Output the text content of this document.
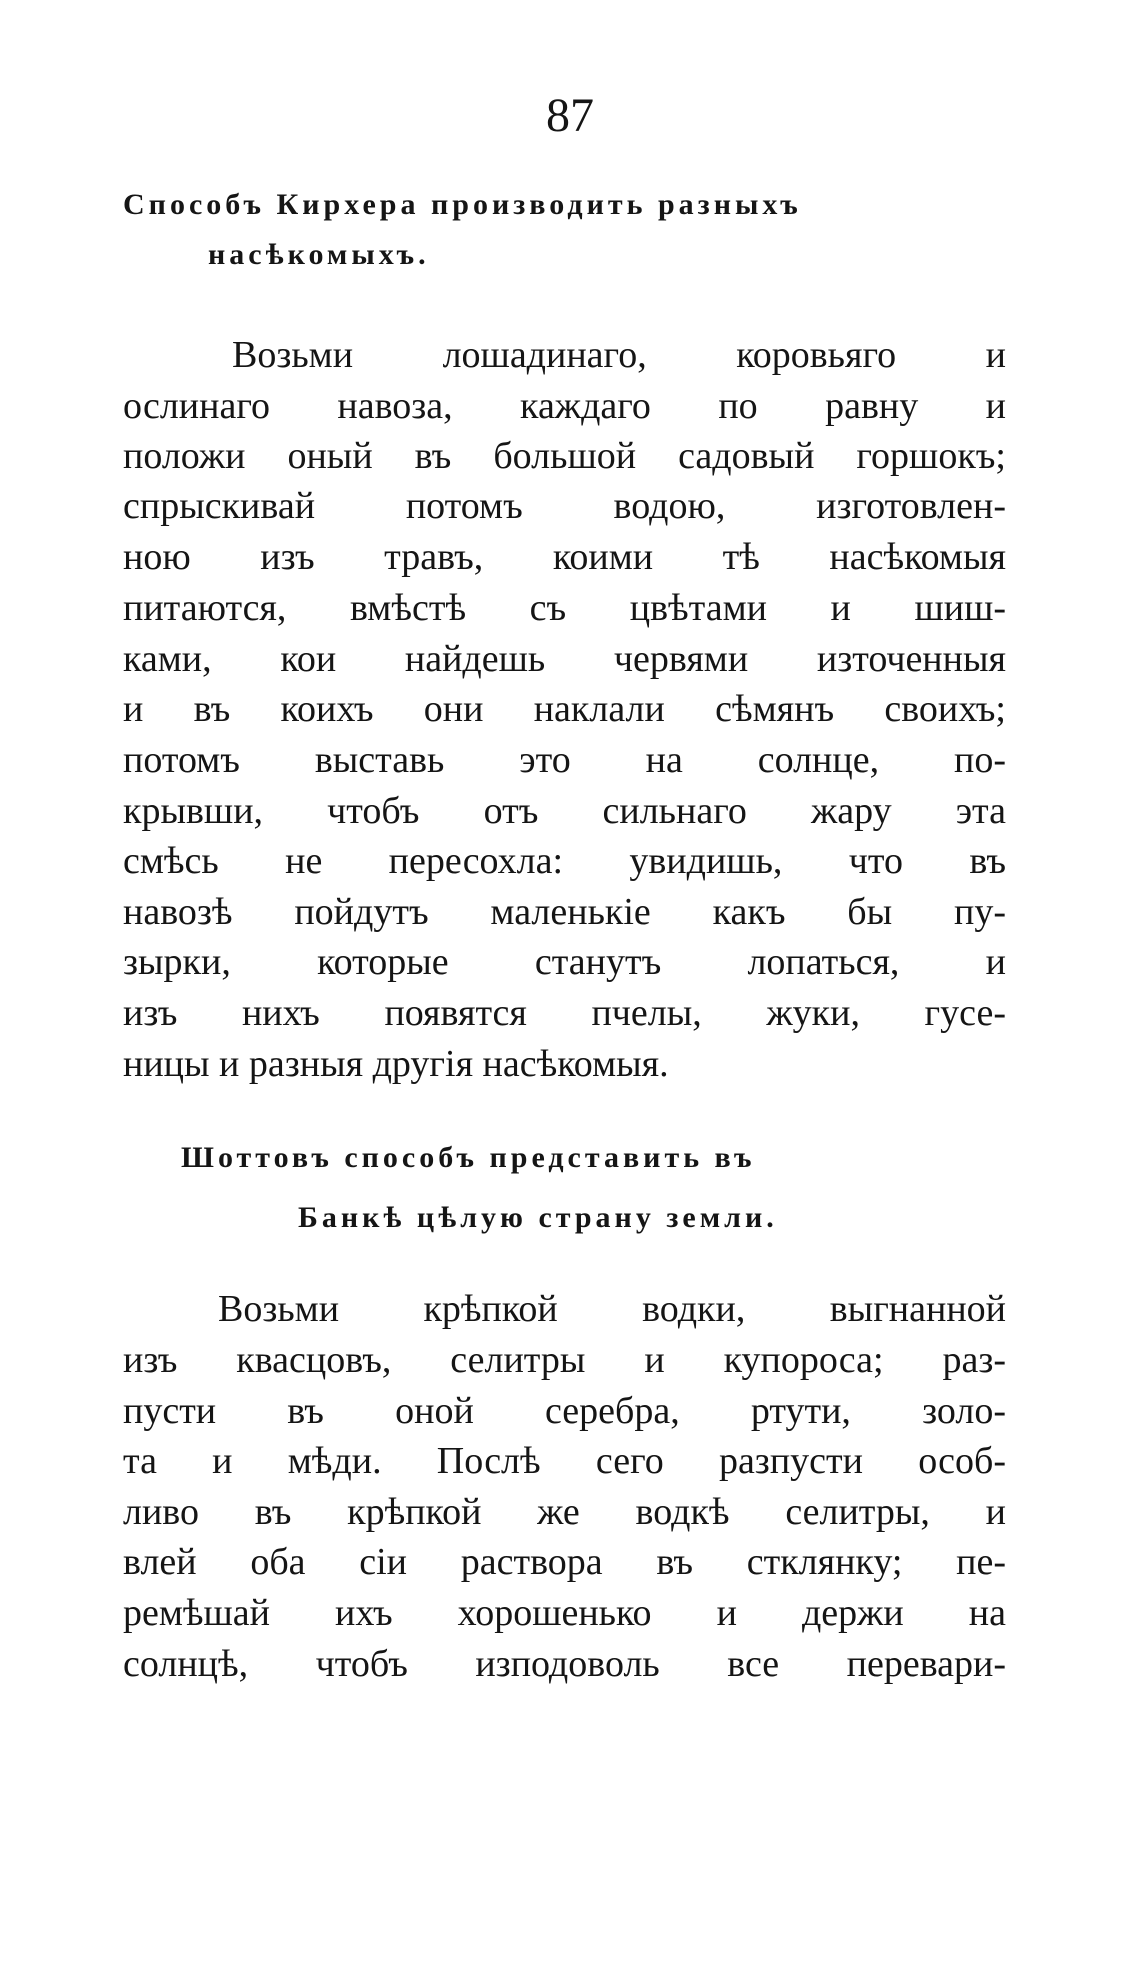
87
Способъ Кирхера производить разныхъ
насѣкомыхъ.

Возьми лошадинаго, коровьяго и

ослинаго навоза, каждаго по равну и

положи оный въ большой садовый горшокъ;

спрыскивай потомъ водою, изготовлен-

ною изъ травъ, коими тѣ насѣкомыя

питаются, вмѣстѣ съ цвѣтами и шиш-

ками, кои найдешь червями източенныя

и въ коихъ они наклали сѣмянъ своихъ;

потомъ выставь это на солнце, по-

крывши, чтобъ отъ сильнаго жару эта

смѣсь не пересохла: увидишь, что въ

навозѣ пойдутъ маленькіе какъ бы пу-

зырки, которые станутъ лопаться, и

изъ нихъ появятся пчелы, жуки, гусе-

ницы и разныя другія насѣкомыя.

Шоттовъ способъ представить въ
Банкѣ цѣлую страну земли.

Возьми крѣпкой водки, выгнанной

изъ квасцовъ, селитры и купороса; раз-

пусти въ оной серебра, ртути, золо-

та и мѣди. Послѣ сего разпусти особ-

ливо въ крѣпкой же водкѣ селитры, и

влей оба сіи раствора въ стклянку; пе-

ремѣшай ихъ хорошенько и держи на

солнцѣ, чтобъ изподоволь все перевари-
